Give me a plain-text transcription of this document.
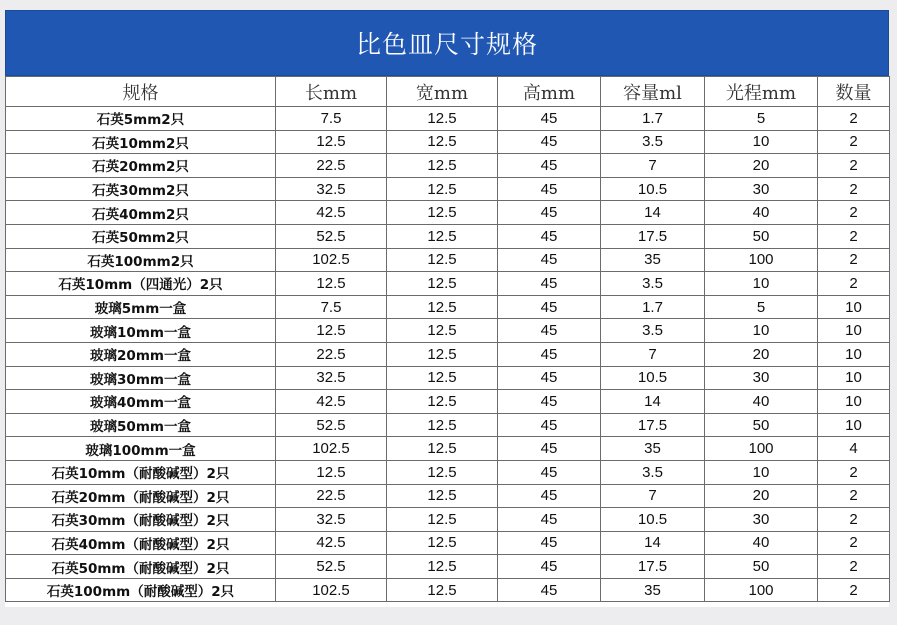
比色皿尺寸规格
规格	长mm	宽mm	高mm	容量ml	光程mm	数量
石英5mm2只	7.5	12.5	45	1.7	5	2
石英10mm2只	12.5	12.5	45	3.5	10	2
石英20mm2只	22.5	12.5	45	7	20	2
石英30mm2只	32.5	12.5	45	10.5	30	2
石英40mm2只	42.5	12.5	45	14	40	2
石英50mm2只	52.5	12.5	45	17.5	50	2
石英100mm2只	102.5	12.5	45	35	100	2
石英10mm（四通光）2只	12.5	12.5	45	3.5	10	2
玻璃5mm一盒	7.5	12.5	45	1.7	5	10
玻璃10mm一盒	12.5	12.5	45	3.5	10	10
玻璃20mm一盒	22.5	12.5	45	7	20	10
玻璃30mm一盒	32.5	12.5	45	10.5	30	10
玻璃40mm一盒	42.5	12.5	45	14	40	10
玻璃50mm一盒	52.5	12.5	45	17.5	50	10
玻璃100mm一盒	102.5	12.5	45	35	100	4
石英10mm（耐酸碱型）2只	12.5	12.5	45	3.5	10	2
石英20mm（耐酸碱型）2只	22.5	12.5	45	7	20	2
石英30mm（耐酸碱型）2只	32.5	12.5	45	10.5	30	2
石英40mm（耐酸碱型）2只	42.5	12.5	45	14	40	2
石英50mm（耐酸碱型）2只	52.5	12.5	45	17.5	50	2
石英100mm（耐酸碱型）2只	102.5	12.5	45	35	100	2
